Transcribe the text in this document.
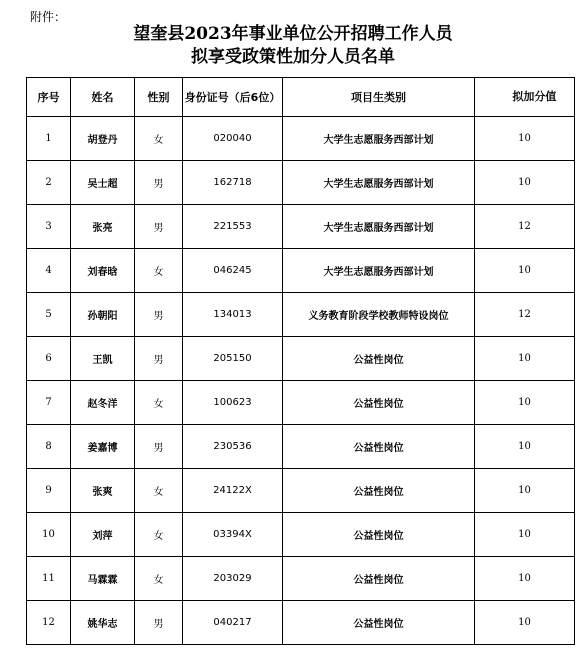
附件：
望奎县2023年事业单位公开招聘工作人员
拟享受政策性加分人员名单
序号	姓名	性别	身份证号（后6位）	项目生类别	拟加分值
1	胡登丹	女	020040	大学生志愿服务西部计划	10
2	吴士超	男	162718	大学生志愿服务西部计划	10
3	张亮	男	221553	大学生志愿服务西部计划	12
4	刘春晗	女	046245	大学生志愿服务西部计划	10
5	孙朝阳	男	134013	义务教育阶段学校教师特设岗位	12
6	王凯	男	205150	公益性岗位	10
7	赵冬洋	女	100623	公益性岗位	10
8	姜嘉博	男	230536	公益性岗位	10
9	张爽	女	24122X	公益性岗位	10
10	刘萍	女	03394X	公益性岗位	10
11	马霖霖	女	203029	公益性岗位	10
12	姚华志	男	040217	公益性岗位	10
